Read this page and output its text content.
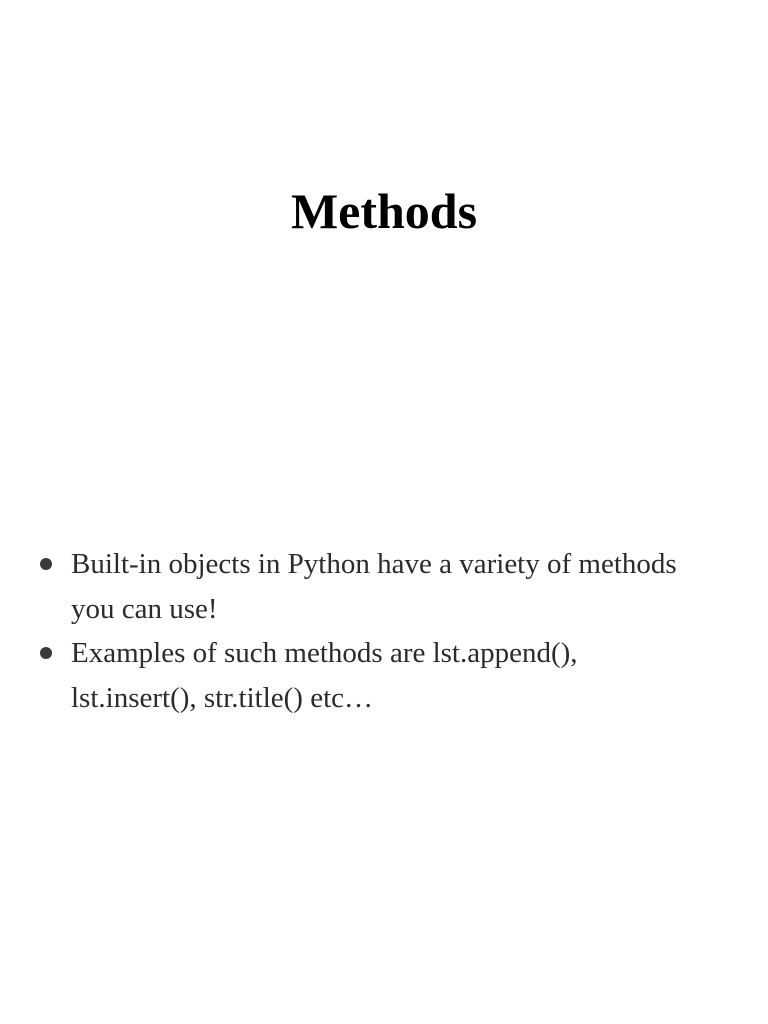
Methods
Built-in objects in Python have a variety of methods you can use!
Examples of such methods are lst.append(), lst.insert(), str.title() etc…
